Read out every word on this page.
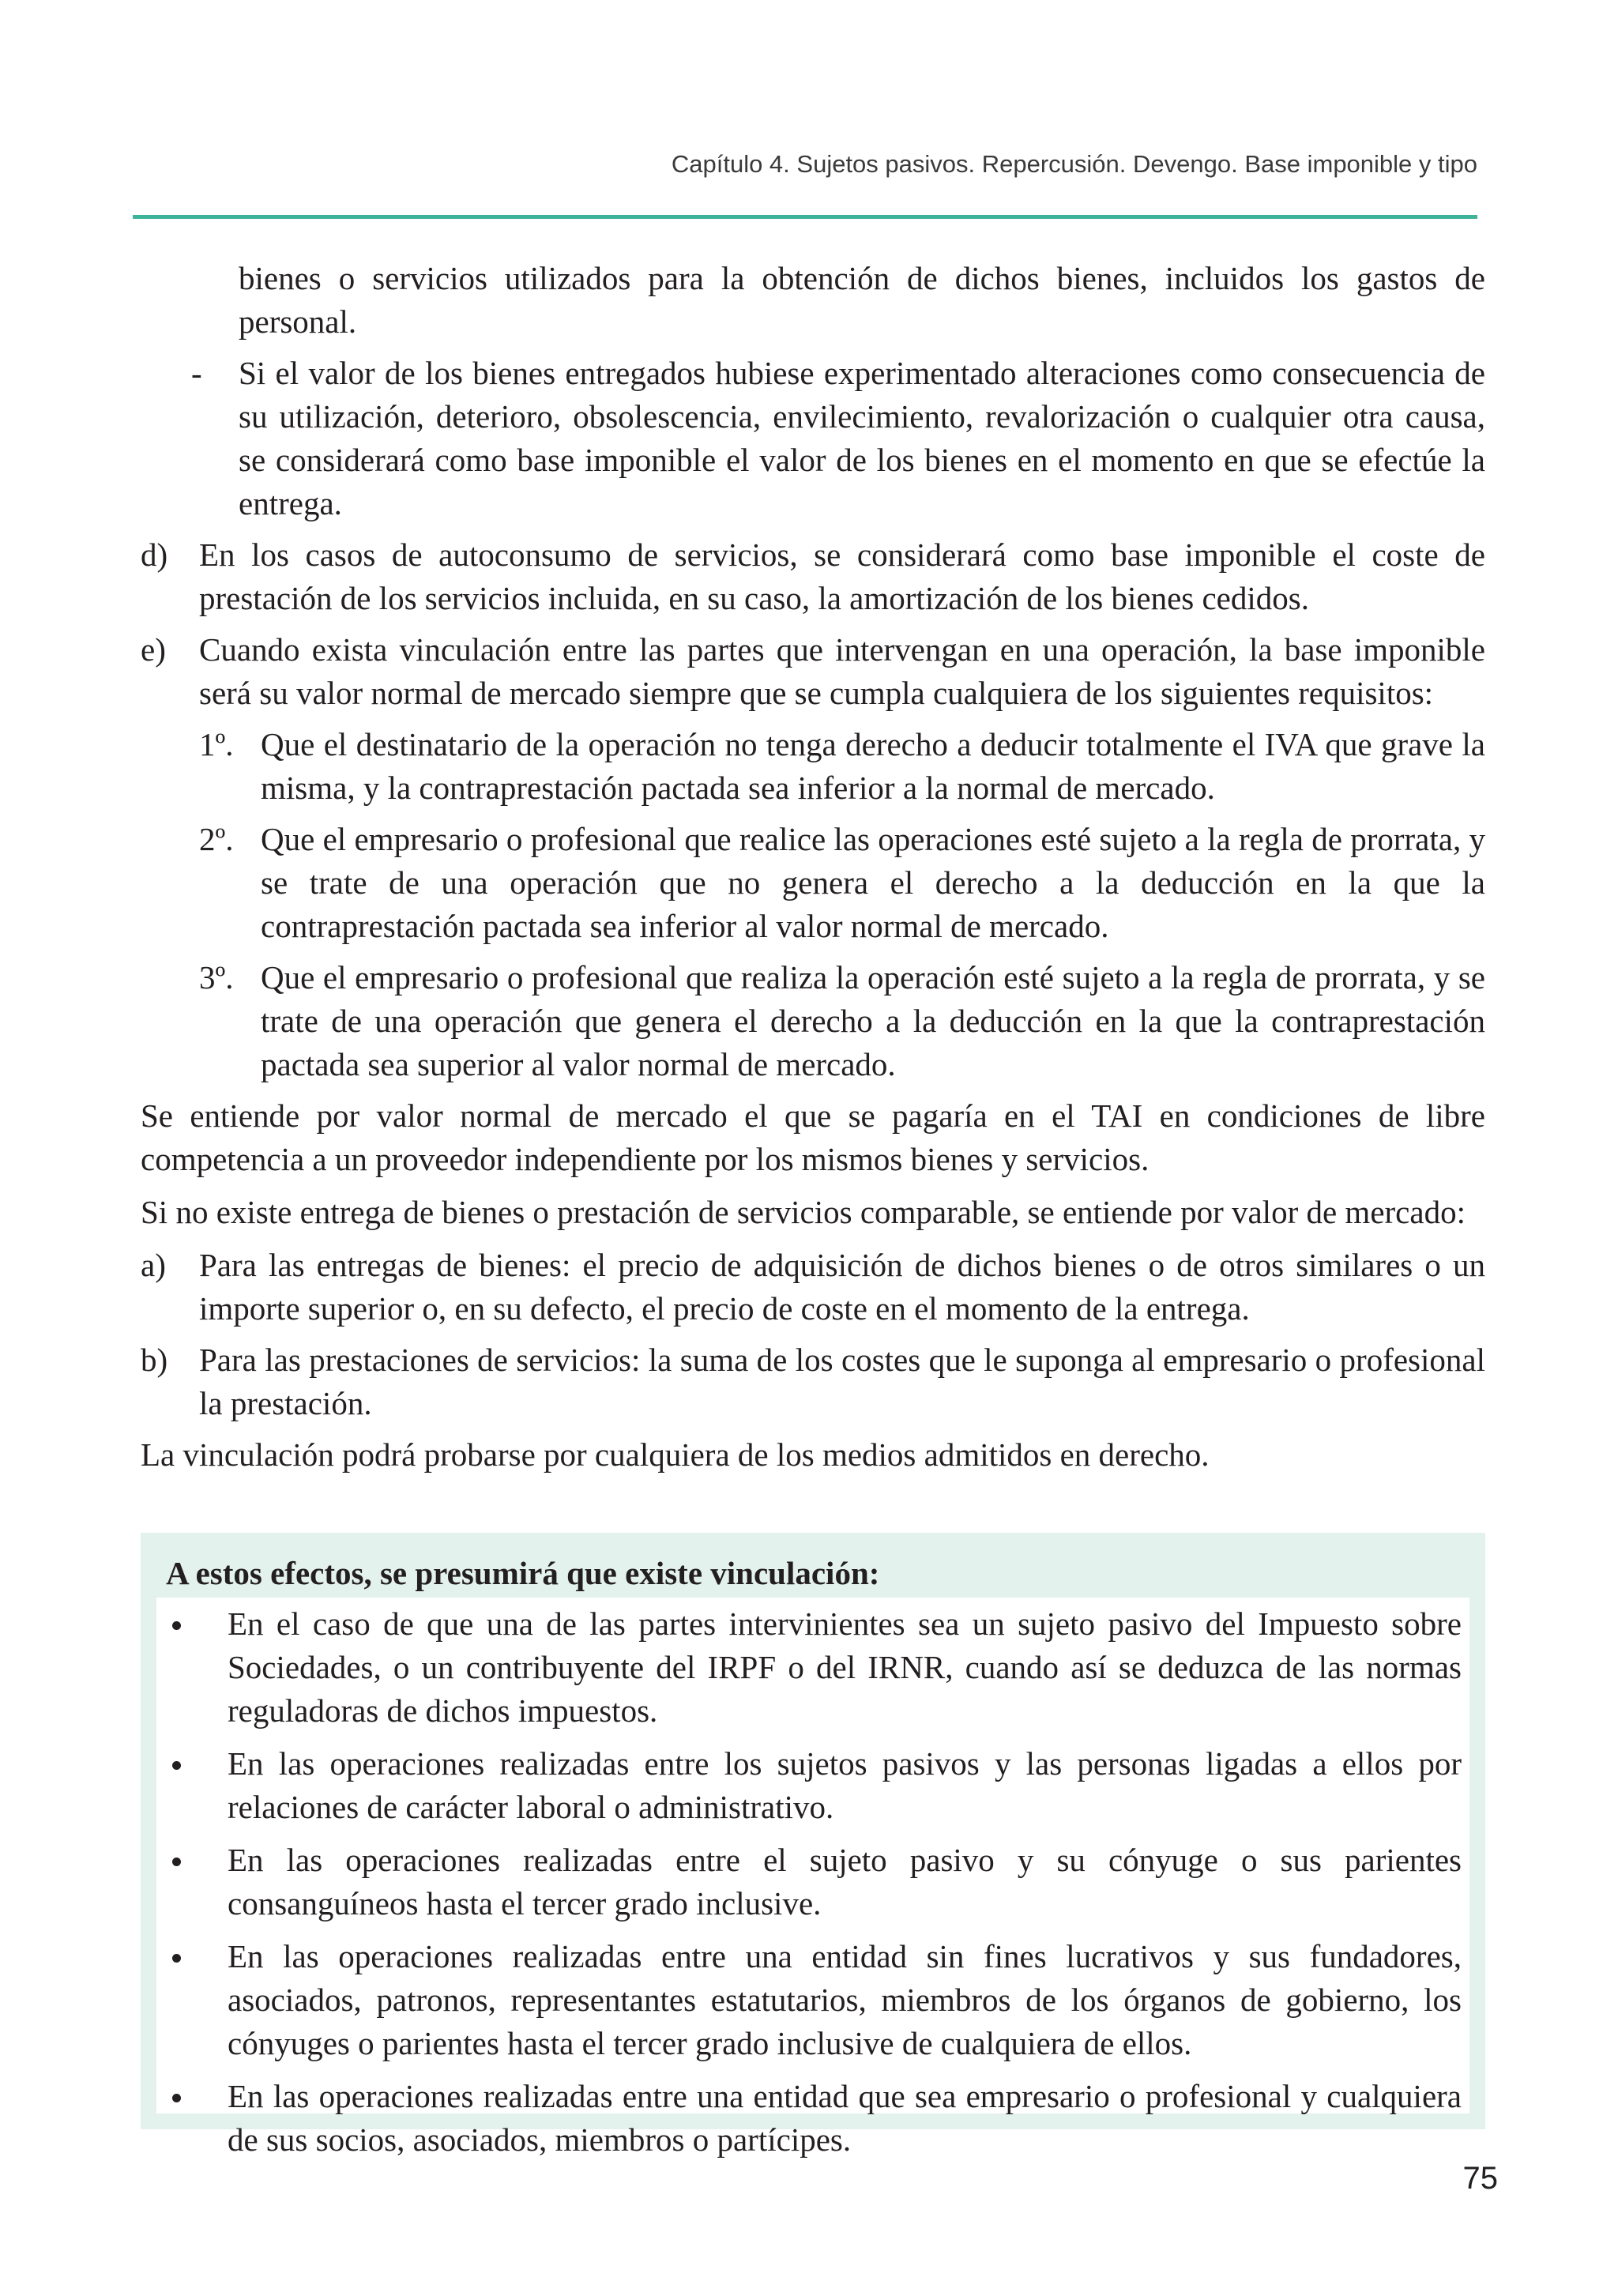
Capítulo 4. Sujetos pasivos. Repercusión. Devengo. Base imponible y tipo
bienes o servicios utilizados para la obtención de dichos bienes, incluidos los gastos de personal.
- Si el valor de los bienes entregados hubiese experimentado alteraciones como consecuencia de su utilización, deterioro, obsolescencia, envilecimiento, revalorización o cualquier otra causa, se considerará como base imponible el valor de los bienes en el momento en que se efectúe la entrega.
d) En los casos de autoconsumo de servicios, se considerará como base imponible el coste de prestación de los servicios incluida, en su caso, la amortización de los bienes cedidos.
e) Cuando exista vinculación entre las partes que intervengan en una operación, la base imponible será su valor normal de mercado siempre que se cumpla cualquiera de los siguientes requisitos:
1º. Que el destinatario de la operación no tenga derecho a deducir totalmente el IVA que grave la misma, y la contraprestación pactada sea inferior a la normal de mercado.
2º. Que el empresario o profesional que realice las operaciones esté sujeto a la regla de prorrata, y se trate de una operación que no genera el derecho a la deducción en la que la contraprestación pactada sea inferior al valor normal de mercado.
3º. Que el empresario o profesional que realiza la operación esté sujeto a la regla de prorrata, y se trate de una operación que genera el derecho a la deducción en la que la contraprestación pactada sea superior al valor normal de mercado.
Se entiende por valor normal de mercado el que se pagaría en el TAI en condiciones de libre competencia a un proveedor independiente por los mismos bienes y servicios.
Si no existe entrega de bienes o prestación de servicios comparable, se entiende por valor de mercado:
a) Para las entregas de bienes: el precio de adquisición de dichos bienes o de otros similares o un importe superior o, en su defecto, el precio de coste en el momento de la entrega.
b) Para las prestaciones de servicios: la suma de los costes que le suponga al empresario o profesional la prestación.
La vinculación podrá probarse por cualquiera de los medios admitidos en derecho.
A estos efectos, se presumirá que existe vinculación:
En el caso de que una de las partes intervinientes sea un sujeto pasivo del Impuesto sobre Sociedades, o un contribuyente del IRPF o del IRNR, cuando así se deduzca de las normas reguladoras de dichos impuestos.
En las operaciones realizadas entre los sujetos pasivos y las personas ligadas a ellos por relaciones de carácter laboral o administrativo.
En las operaciones realizadas entre el sujeto pasivo y su cónyuge o sus parientes consanguíneos hasta el tercer grado inclusive.
En las operaciones realizadas entre una entidad sin fines lucrativos y sus fundadores, asociados, patronos, representantes estatutarios, miembros de los órganos de gobierno, los cónyuges o parientes hasta el tercer grado inclusive de cualquiera de ellos.
En las operaciones realizadas entre una entidad que sea empresario o profesional y cualquiera de sus socios, asociados, miembros o partícipes.
75
